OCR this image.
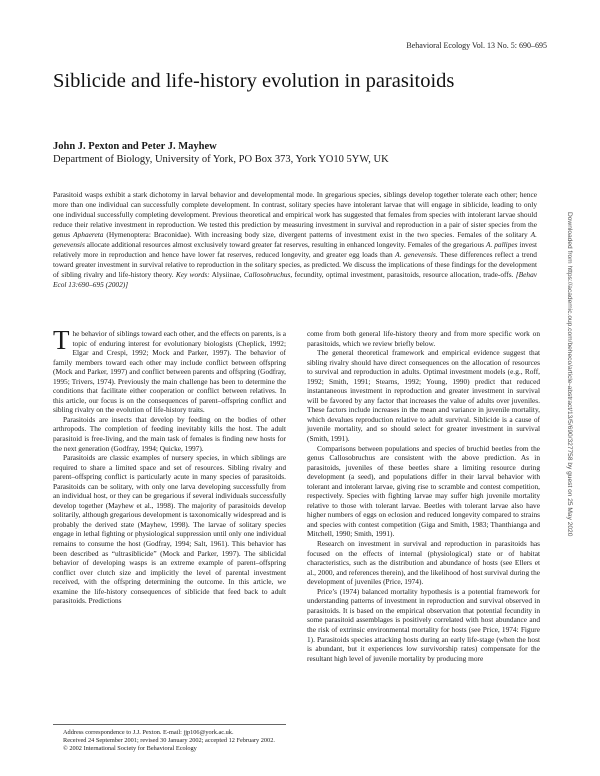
Behavioral Ecology Vol. 13 No. 5: 690–695
Siblicide and life-history evolution in parasitoids
John J. Pexton and Peter J. Mayhew
Department of Biology, University of York, PO Box 373, York YO10 5YW, UK
Parasitoid wasps exhibit a stark dichotomy in larval behavior and developmental mode. In gregarious species, siblings develop together tolerate each other; hence more than one individual can successfully complete development. In contrast, solitary species have intolerant larvae that will engage in siblicide, leading to only one individual successfully completing development. Previous theoretical and empirical work has suggested that females from species with intolerant larvae should reduce their relative investment in reproduction. We tested this prediction by measuring investment in survival and reproduction in a pair of sister species from the genus Aphaereta (Hymenoptera: Braconidae). With increasing body size, divergent patterns of investment exist in the two species. Females of the solitary A. genevensis allocate additional resources almost exclusively toward greater fat reserves, resulting in enhanced longevity. Females of the gregarious A. pallipes invest relatively more in reproduction and hence have lower fat reserves, reduced longevity, and greater egg loads than A. genevensis. These differences reflect a trend toward greater investment in survival relative to reproduction in the solitary species, as predicted. We discuss the implications of these findings for the development of sibling rivalry and life-history theory. Key words: Alysiinae, Callosobruchus, fecundity, optimal investment, parasitoids, resource allocation, trade-offs. [Behav Ecol 13:690–695 (2002)]

The behavior of siblings toward each other, and the effects on parents, is a topic of enduring interest for evolutionary biologists (Cheplick, 1992; Elgar and Crespi, 1992; Mock and Parker, 1997). The behavior of family members toward each other may include conflict between offspring (Mock and Parker, 1997) and conflict between parents and offspring (Godfray, 1995; Trivers, 1974). Previously the main challenge has been to determine the conditions that facilitate either cooperation or conflict between relatives. In this article, our focus is on the consequences of parent–offspring conflict and sibling rivalry on the evolution of life-history traits.

Parasitoids are insects that develop by feeding on the bodies of other arthropods. The completion of feeding inevitably kills the host. The adult parasitoid is free-living, and the main task of females is finding new hosts for the next generation (Godfray, 1994; Quicke, 1997).

Parasitoids are classic examples of nursery species, in which siblings are required to share a limited space and set of resources. Sibling rivalry and parent–offspring conflict is particularly acute in many species of parasitoids. Parasitoids can be solitary, with only one larva developing successfully from an individual host, or they can be gregarious if several individuals successfully develop together (Mayhew et al., 1998). The majority of parasitoids develop solitarily, although gregarious development is taxonomically widespread and is probably the derived state (Mayhew, 1998). The larvae of solitary species engage in lethal fighting or physiological suppression until only one individual remains to consume the host (Godfray, 1994; Salt, 1961). This behavior has been described as “ultrasiblicide” (Mock and Parker, 1997). The siblicidal behavior of developing wasps is an extreme example of parent–offspring conflict over clutch size and implicitly the level of parental investment received, with the offspring determining the outcome. In this article, we examine the life-history consequences of siblicide that feed back to adult parasitoids. Predictions

come from both general life-history theory and from more specific work on parasitoids, which we review briefly below.

The general theoretical framework and empirical evidence suggest that sibling rivalry should have direct consequences on the allocation of resources to survival and reproduction in adults. Optimal investment models (e.g., Roff, 1992; Smith, 1991; Stearns, 1992; Young, 1990) predict that reduced instantaneous investment in reproduction and greater investment in survival will be favored by any factor that increases the value of adults over juveniles. These factors include increases in the mean and variance in juvenile mortality, which devalues reproduction relative to adult survival. Siblicide is a cause of juvenile mortality, and so should select for greater investment in survival (Smith, 1991).

Comparisons between populations and species of bruchid beetles from the genus Callosobruchus are consistent with the above prediction. As in parasitoids, juveniles of these beetles share a limiting resource during development (a seed), and populations differ in their larval behavior with tolerant and intolerant larvae, giving rise to scramble and contest competition, respectively. Species with fighting larvae may suffer high juvenile mortality relative to those with tolerant larvae. Beetles with tolerant larvae also have higher numbers of eggs on eclosion and reduced longevity compared to strains and species with contest competition (Giga and Smith, 1983; Thanthianga and Mitchell, 1990; Smith, 1991).

Research on investment in survival and reproduction in parasitoids has focused on the effects of internal (physiological) state or of habitat characteristics, such as the distribution and abundance of hosts (see Ellers et al., 2000, and references therein), and the likelihood of host survival during the development of juveniles (Price, 1974).

Price’s (1974) balanced mortality hypothesis is a potential framework for understanding patterns of investment in reproduction and survival observed in parasitoids. It is based on the empirical observation that potential fecundity in some parasitoid assemblages is positively correlated with host abundance and the risk of extrinsic environmental mortality for hosts (see Price, 1974: Figure 1). Parasitoids species attacking hosts during an early life-stage (when the host is abundant, but it experiences low survivorship rates) compensate for the resultant high level of juvenile mortality by producing more

Address correspondence to J.J. Pexton. E-mail: jjp106@york.ac.uk.

Received 24 September 2001; revised 30 January 2002; accepted 12 February 2002.

© 2002 International Society for Behavioral Ecology

Downloaded from https://academic.oup.com/beheco/article-abstract/13/5/690/327758 by guest on 25 May 2020
